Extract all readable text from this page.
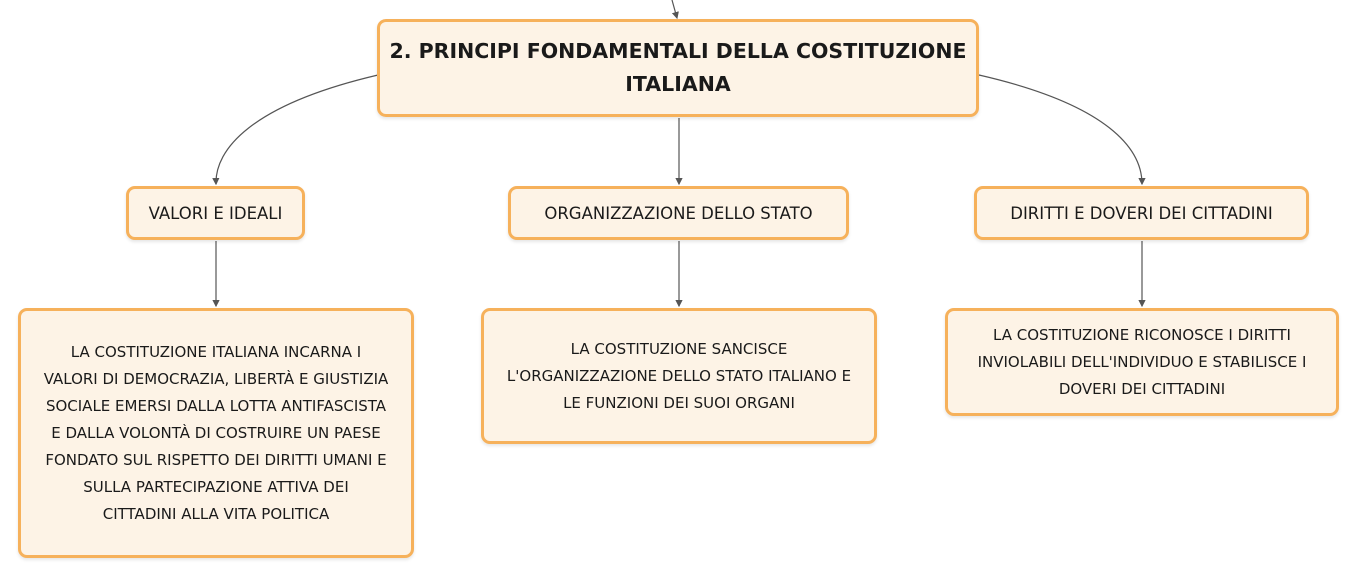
2. PRINCIPI FONDAMENTALI DELLA COSTITUZIONE
ITALIANA
VALORI E IDEALI	ORGANIZZAZIONE DELLO STATO	DIRITTI E DOVERI DEI CITTADINI
LA COSTITUZIONE ITALIANA INCARNA I
VALORI DI DEMOCRAZIA, LIBERTÀ E GIUSTIZIA
SOCIALE EMERSI DALLA LOTTA ANTIFASCISTA
E DALLA VOLONTÀ DI COSTRUIRE UN PAESE
FONDATO SUL RISPETTO DEI DIRITTI UMANI E
SULLA PARTECIPAZIONE ATTIVA DEI
CITTADINI ALLA VITA POLITICA
LA COSTITUZIONE SANCISCE
L'ORGANIZZAZIONE DELLO STATO ITALIANO E
LE FUNZIONI DEI SUOI ORGANI
LA COSTITUZIONE RICONOSCE I DIRITTI
INVIOLABILI DELL'INDIVIDUO E STABILISCE I
DOVERI DEI CITTADINI
